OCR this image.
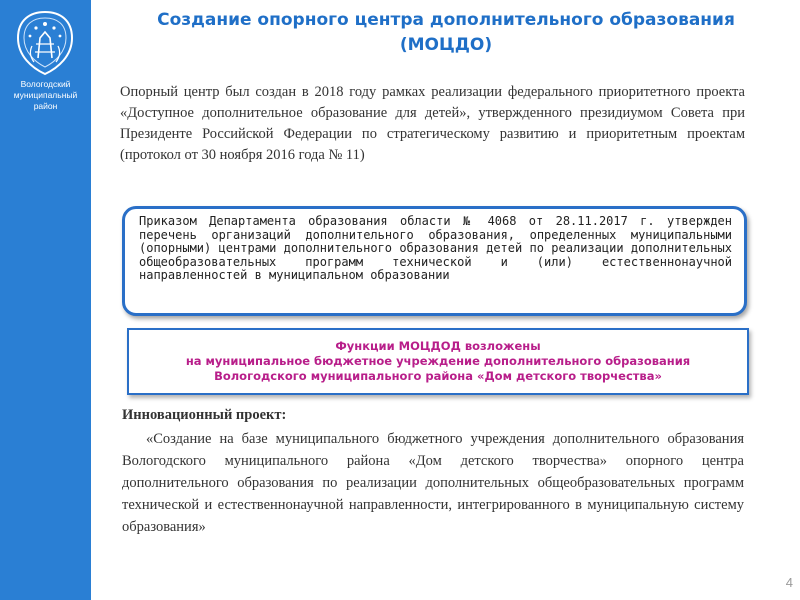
Вологодский
муниципальный
район
Создание опорного центра дополнительного образования
(МОЦДО)

Опорный центр был создан в 2018 году рамках реализации федерального приоритетного проекта «Доступное дополнительное образование для детей», утвержденного президиумом Совета при Президенте Российской Федерации по стратегическому развитию и приоритетным проектам (протокол от 30 ноября 2016 года № 11)

Приказом Департамента образования области № 4068 от 28.11.2017 г. утвержден перечень организаций дополнительного образования, определенных муниципальными (опорными) центрами дополнительного образования детей по реализации дополнительных общеобразовательных программ технической и (или) естественнонаучной направленностей в муниципальном образовании

Функции МОЦДОД возложены
на муниципальное бюджетное учреждение дополнительного образования
Вологодского муниципального района «Дом детского творчества»
Инновационный проект:

«Создание на базе муниципального бюджетного учреждения дополнительного образования Вологодского муниципального района «Дом детского творчества» опорного центра дополнительного образования по реализации дополнительных общеобразовательных программ технической и естественнонаучной направленности, интегрированного в муниципальную систему образования»

4
